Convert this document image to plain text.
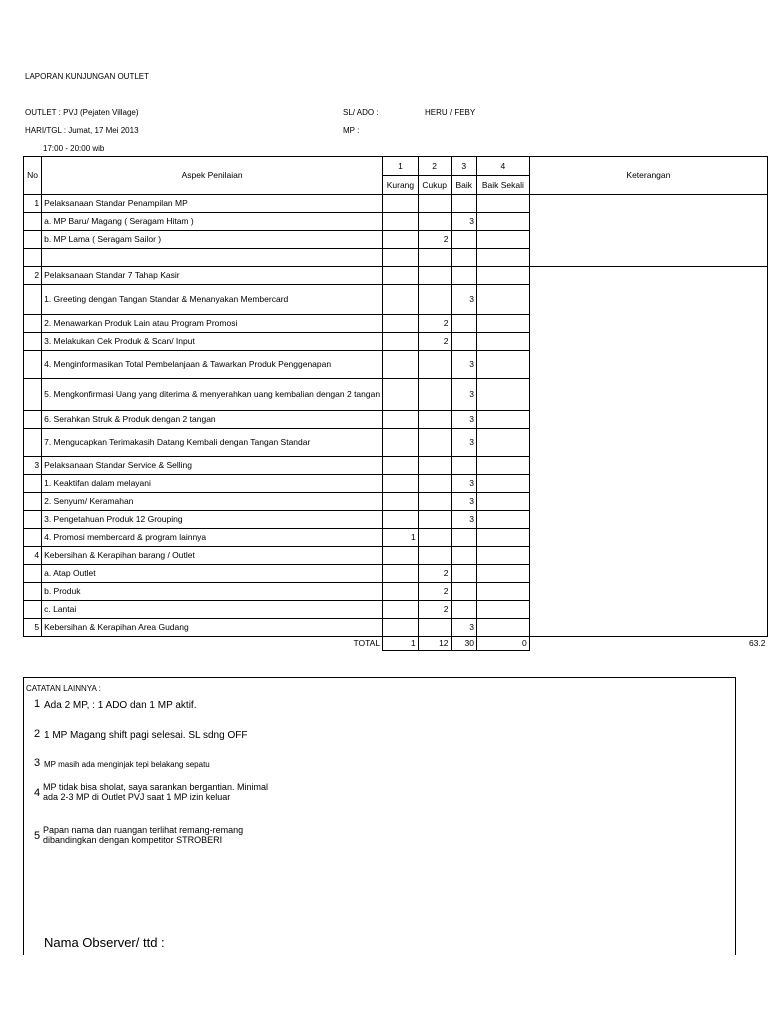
LAPORAN KUNJUNGAN OUTLET
OUTLET : PVJ (Pejaten Village)	SL/ ADO :	HERU / FEBY
HARI/TGL : Jumat, 17 Mei 2013	MP :
17:00 - 20:00 wib
No	Aspek Penilaian	1	2	3	4	Keterangan
		Kurang	Cukup	Baik	Baik Sekali	
1	Pelaksanaan Standar Penampilan MP					
	a. MP Baru/ Magang ( Seragam Hitam )			3		
	b. MP Lama ( Seragam Sailor )		2			

2	Pelaksanaan Standar 7 Tahap Kasir					
	1. Greeting dengan Tangan Standar & Menanyakan Membercard			3		
	2. Menawarkan Produk Lain atau Program Promosi		2			
	3. Melakukan Cek Produk & Scan/ Input		2			
	4. Menginformasikan Total Pembelanjaan & Tawarkan Produk Penggenapan			3		
	5. Mengkonfirmasi Uang yang diterima & menyerahkan uang kembalian dengan 2 tangan			3		
	6. Serahkan Struk & Produk dengan 2 tangan			3		
	7. Mengucapkan Terimakasih Datang Kembali dengan Tangan Standar			3		
3	Pelaksanaan Standar Service & Selling					
	1. Keaktifan dalam melayani			3		
	2. Senyum/ Keramahan			3		
	3. Pengetahuan Produk 12 Grouping			3		
	4. Promosi membercard & program lainnya	1				
4	Kebersihan & Kerapihan barang / Outlet					
	a. Atap Outlet		2			
	b. Produk		2			
	c. Lantai		2			
5	Kebersihan & Kerapihan Area Gudang			3		
	TOTAL	1	12	30	0	63.2
CATATAN LAINNYA :
1 Ada 2 MP, : 1 ADO dan 1 MP aktif.
2 1 MP Magang shift pagi selesai. SL sdng OFF
3 MP masih ada menginjak tepi belakang sepatu
4 MP tidak bisa sholat, saya sarankan bergantian. Minimal ada 2-3 MP di Outlet PVJ saat 1 MP izin keluar
5 Papan nama dan ruangan terlihat remang-remang dibandingkan dengan kompetitor STROBERI
Nama Observer/ ttd :
